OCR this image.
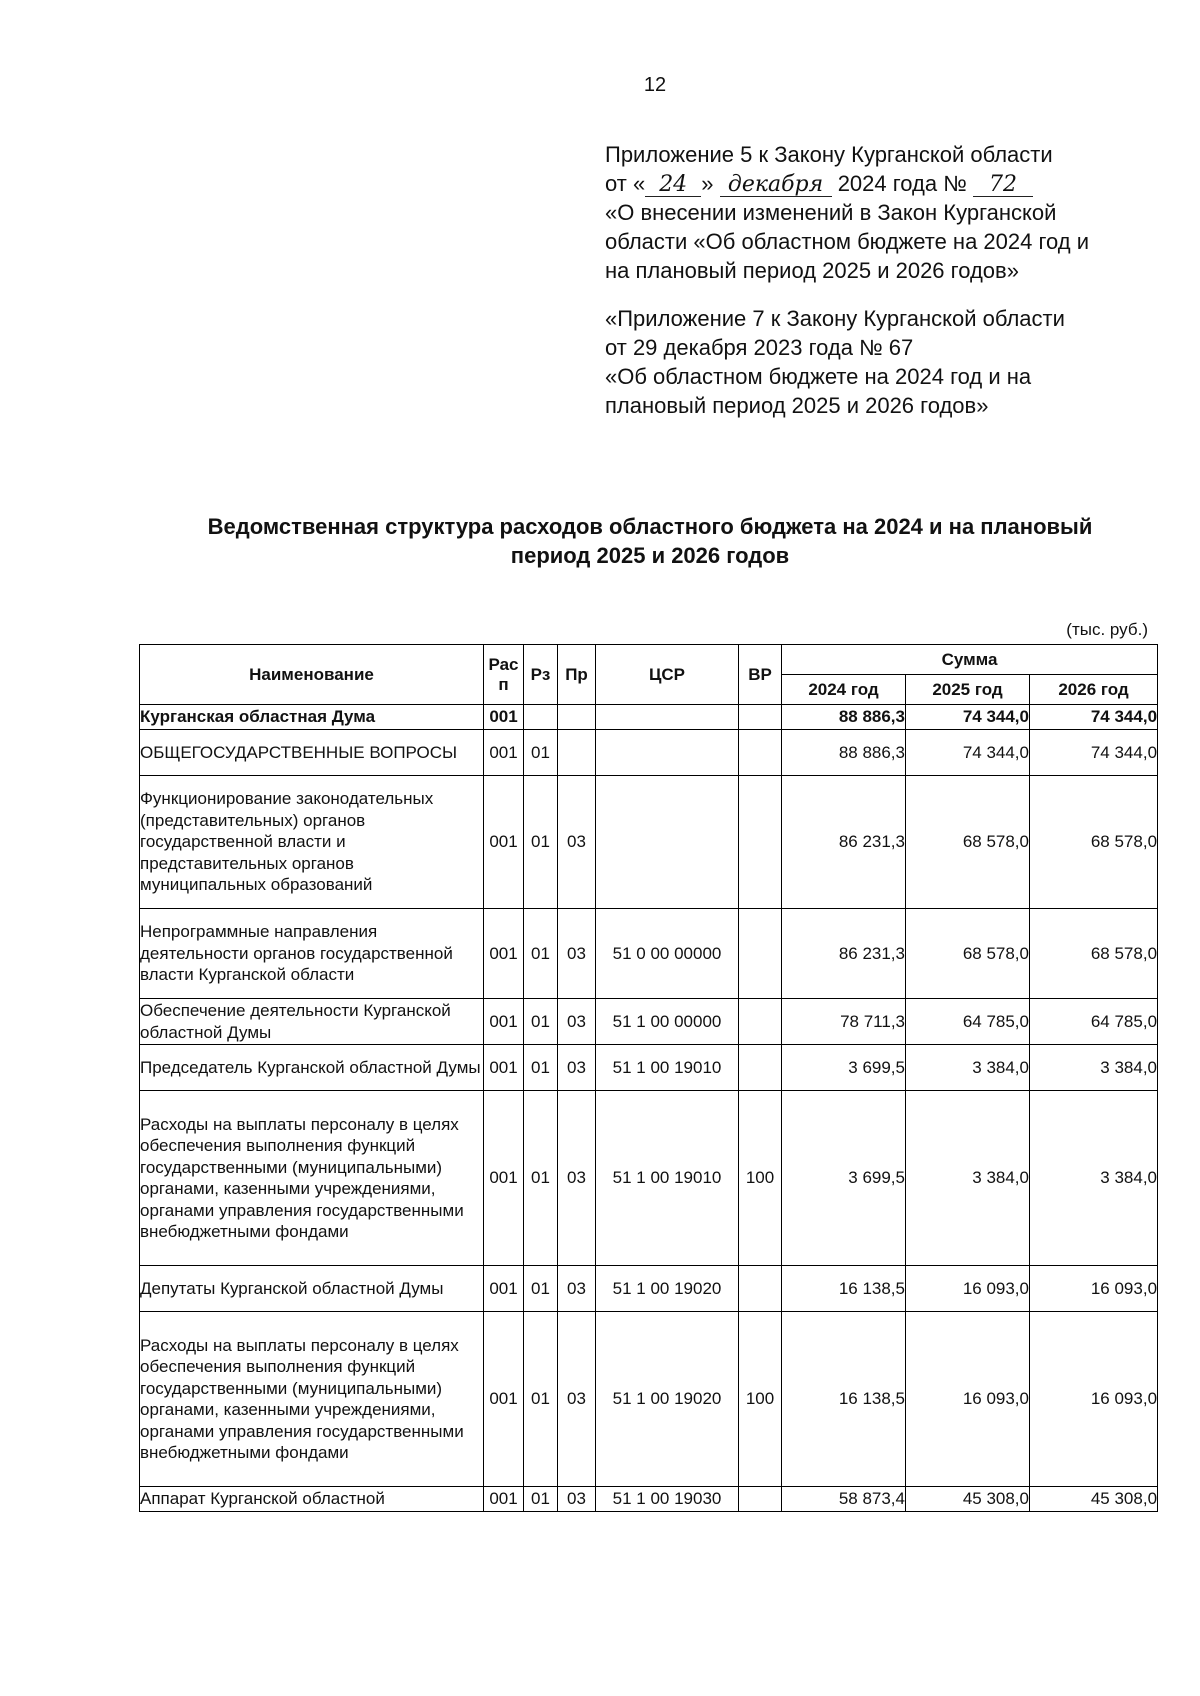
12
Приложение 5 к Закону Курганской области
от « 24 » декабря 2024 года № 72
«О внесении изменений в Закон Курганской
области «Об областном бюджете на 2024 год и
на плановый период 2025 и 2026 годов»
«Приложение 7 к Закону Курганской области
от 29 декабря 2023 года № 67
«Об областном бюджете на 2024 год и на
плановый период 2025 и 2026 годов»
Ведомственная структура расходов областного бюджета на 2024 и на плановый
период 2025 и 2026 годов
(тыс. руб.)
Наименование	Рас п	Рз	Пр	ЦСР	ВР	Сумма		
						2024 год	2025 год	2026 год
Курганская областная Дума	001					88 886,3	74 344,0	74 344,0
ОБЩЕГОСУДАРСТВЕННЫЕ ВОПРОСЫ	001	01				88 886,3	74 344,0	74 344,0
Функционирование законодательных (представительных) органов государственной власти и представительных органов муниципальных образований	001	01	03			86 231,3	68 578,0	68 578,0
Непрограммные направления деятельности органов государственной власти Курганской области	001	01	03	51 0 00 00000		86 231,3	68 578,0	68 578,0
Обеспечение деятельности Курганской областной Думы	001	01	03	51 1 00 00000		78 711,3	64 785,0	64 785,0
Председатель Курганской областной Думы	001	01	03	51 1 00 19010		3 699,5	3 384,0	3 384,0
Расходы на выплаты персоналу в целях обеспечения выполнения функций государственными (муниципальными) органами, казенными учреждениями, органами управления государственными внебюджетными фондами	001	01	03	51 1 00 19010	100	3 699,5	3 384,0	3 384,0
Депутаты Курганской областной Думы	001	01	03	51 1 00 19020		16 138,5	16 093,0	16 093,0
Расходы на выплаты персоналу в целях обеспечения выполнения функций государственными (муниципальными) органами, казенными учреждениями, органами управления государственными внебюджетными фондами	001	01	03	51 1 00 19020	100	16 138,5	16 093,0	16 093,0
Аппарат Курганской областной	001	01	03	51 1 00 19030		58 873,4	45 308,0	45 308,0
